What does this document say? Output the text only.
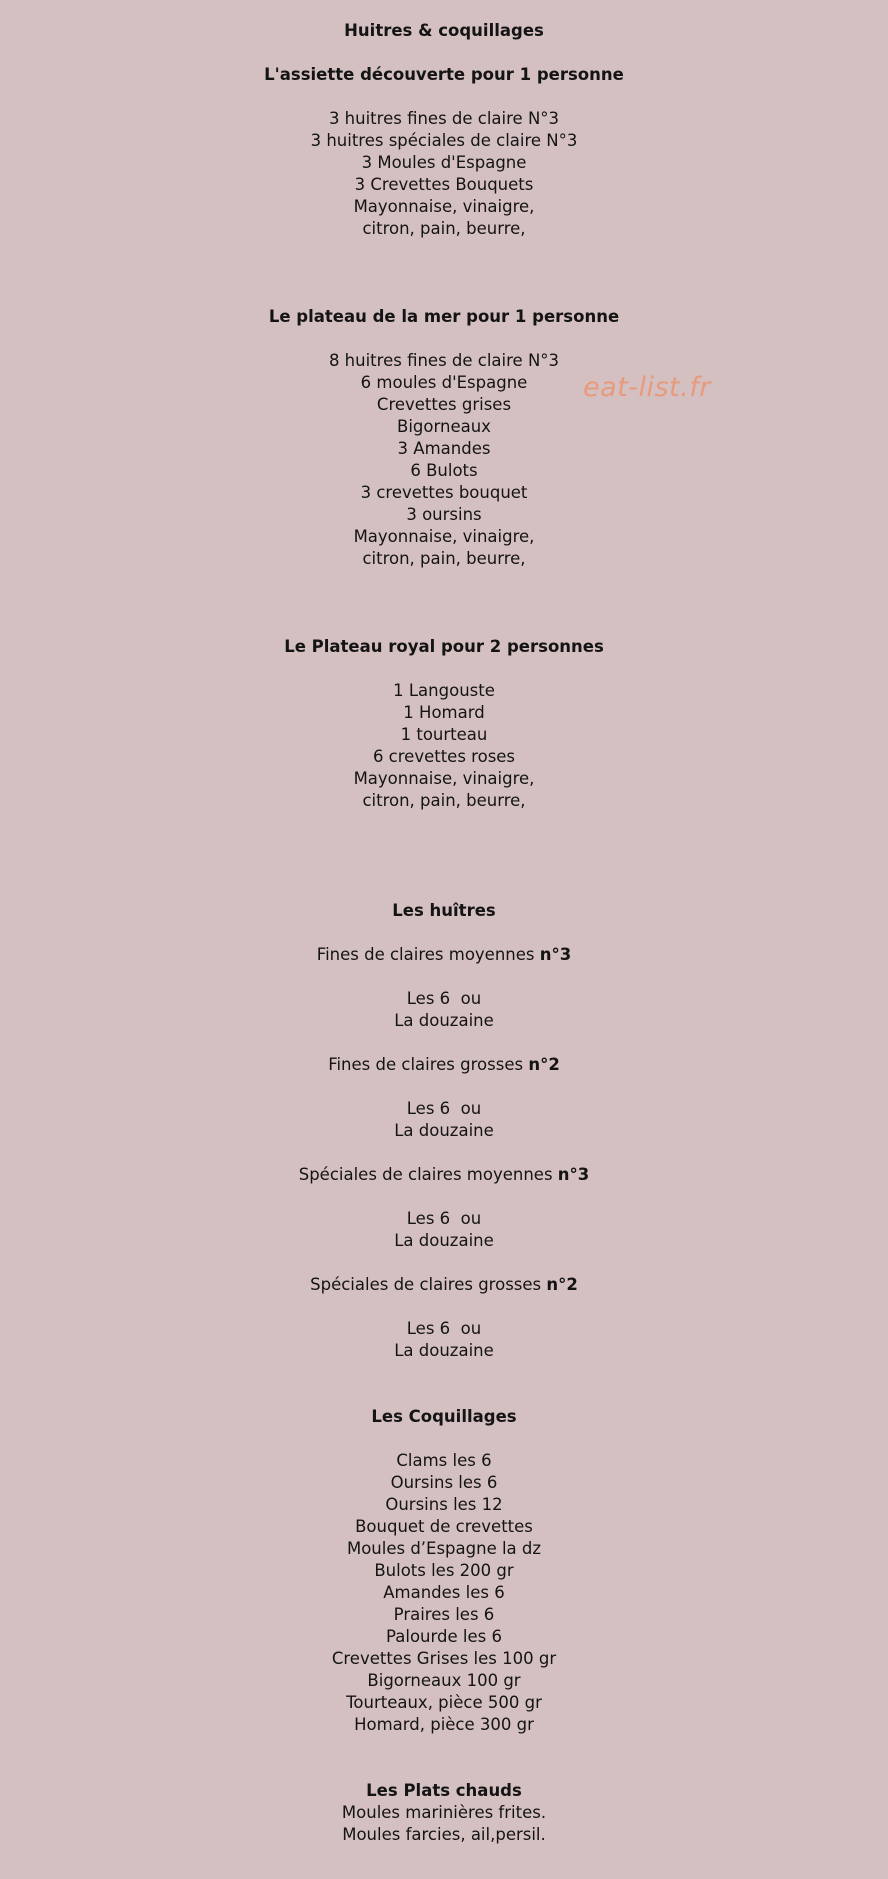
eat-list.fr
Huitres & coquillages
L'assiette découverte pour 1 personne
3 huitres fines de claire N°3
3 huitres spéciales de claire N°3
3 Moules d'Espagne
3 Crevettes Bouquets
Mayonnaise, vinaigre,
citron, pain, beurre,
Le plateau de la mer pour 1 personne
8 huitres fines de claire N°3
6 moules d'Espagne
Crevettes grises
Bigorneaux
3 Amandes
6 Bulots
3 crevettes bouquet
3 oursins
Mayonnaise, vinaigre,
citron, pain, beurre,
Le Plateau royal pour 2 personnes
1 Langouste
1 Homard
1 tourteau
6 crevettes roses
Mayonnaise, vinaigre,
citron, pain, beurre,
Les huîtres
Fines de claires moyennes n°3
Les 6  ou
La douzaine
Fines de claires grosses n°2
Les 6  ou
La douzaine
Spéciales de claires moyennes n°3
Les 6  ou
La douzaine
Spéciales de claires grosses n°2
Les 6  ou
La douzaine
Les Coquillages
Clams les 6
Oursins les 6
Oursins les 12
Bouquet de crevettes
Moules d’Espagne la dz
Bulots les 200 gr
Amandes les 6
Praires les 6
Palourde les 6
Crevettes Grises les 100 gr
Bigorneaux 100 gr
Tourteaux, pièce 500 gr
Homard, pièce 300 gr
Les Plats chauds
Moules marinières frites.
Moules farcies, ail,persil.
